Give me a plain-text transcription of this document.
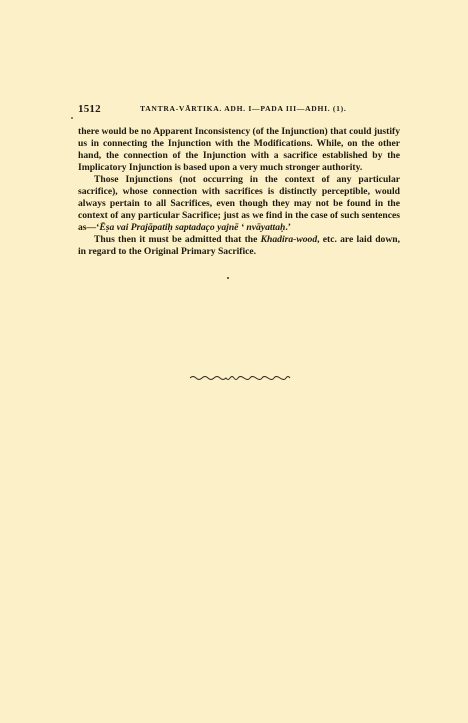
1512	TANTRA-VĀRTIKA. ADH. I—PADA III—ADHI. (1).

there would be no Apparent Inconsistency (of the Injunction) that could justify us in connecting the Injunction with the Modifications. While, on the other hand, the connection of the Injunction with a sacrifice established by the Implicatory Injunction is based upon a very much stronger authority.

Those Injunctions (not occurring in the context of any particular sacrifice), whose connection with sacrifices is distinctly perceptible, would always pertain to all Sacrifices, even though they may not be found in the context of any particular Sacrifice; just as we find in the case of such sentences as—‘Ēṣa vai Prajāpatiḥ saptadaço yajnē ‘ nvāyattaḥ.’

Thus then it must be admitted that the Khadira-wood, etc. are laid down, in regard to the Original Primary Sacrifice.
